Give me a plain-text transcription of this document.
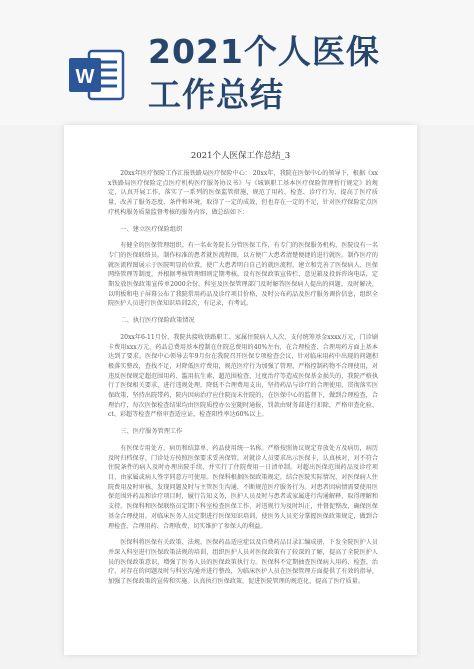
W
2021个人医保
工作总结
2021个人医保工作总结_3

20xx年医疗保险工作汇报铁路局医疗保险中心： 20xx年，我院在医保中心的领导下，根据《xxx铁路局医疗保险定点医疗机构医疗服务协议书》与《城镇职工基本医疗保险管理暂行规定》的规定，认真开展工作，落实了一系列的医保监管措施，规范了用药、检查、诊疗行为，提高了医疗质量，改善了服务态度、条件和环境，取得了一定的成效，但也存在一定的不足，针对医疗保险定点医疗机构服务质量监督考核的服务内容，做总结如下：

一、建立医疗保险组织

有健全的医保管理组织。有一名业务院长分管医保工作，有专门的医保服务机构，医院设有一名专门的医保联络员。制作标准的患者就医流程图，以方便广大患者清楚便捷的进行就医。制作医疗的就医流程图展示于医院明显的位置，使广大患者明白自己的就医流程，建立和完善了医保病人、医保网络管理等制度，并根据考核管理细则定期考核。设有医保政策宣传栏、意见箱及投诉咨询电话，定期发放医保政策宣传单2000余份。科室及医保管理部门及时解答医保病人提出的问题。及时解决，以明板和电子屏幕公布了我院常用药品及诊疗项目价格，及时公布药品及医疗服务调价信息，组织全院医护人员进行医保知识培训2次，有记录，有考试。

二、执行医疗保险政策情况

20xx年6-11月份，我院共接收铁路职工、家属住院病人人次，支付统筹基金xxxx万元，门诊刷卡费用xxx万元，药品总费用基本控制在住院总费用的40%左右，在合理检查、合理用药方面上基本达到了要求。医保中心领导去年9月份在我院召开医保专项检查会议，针对临床用药中出现的问题积极落实整改，查找不足，对降低医疗费用，规范医疗行为加强了管理，严格控制药物不合理使用，对违反医保规定超范围用药、滥用抗生素、超范围检查、过度治疗等造成医保基金损失的，我院严格执行了医保相关要求，进行违规处理，降低不合理费用支出，坚持药品与诊疗的合理使用，贯彻落实医保政策，坚持出院带药，院内因病治疗应住院而未住院的，在医保中心的监督下，做到合理检查，合理治疗，每次医保检查结果均由医院质控办公室随时通报，罚款由财务部进行扣除，严格审查化验、ct、彩超等检查严格审查适应证，检查阳性率达60%以上。

三、医疗服务管理工作

有医保专用处方，病历和结算单，药品使用统一名称。严格按照协议规定存放处方及病历，病历及时归档保存，门诊处方按照医保要求妥善保管。对就诊人员要求出示医保卡，认真核对，对不符合住院条件的病人及时办理出院手续，并实行了住院费用一日清单制。对超出医保范围药品及诊疗项目，由家属或病人签字同意方可使用。医保科根据医保政策规定，结合医院实际情况，对医保病人住院费用及时审核，发现问题及时与主管医生沟通，不断规范医疗服务行为。对患者因病情需要使用医保范围外药品和诊疗项目时，履行告知义务，医护人员及时与患者或家属进行沟通解释，取得理解和支持。医保科和医保联络员定期下科室检查医保工作，对违规行为及时纠正，并督促整改，确保医保基金合理使用。对临床医务人员定期进行医保知识培训，使医务人员充分掌握医保政策规定，做到合理检查、合理用药、合理收费，切实维护了参保人的利益。

医保科将医保有关政策、法规、医保药品适应症以及自费药品目录汇编成册，下发全院医护人员并深入科室进行医保政策法规的培训，组织医护人员对医保政策有了较深的了解，提高了全院医护人员的医保政策意识，增强了医务人员的医保政策执行力。医保科不定期抽查医保病人用药、检查、治疗，对存在的问题及时与科室沟通并进行整改，为临床医护人员在医保管理方面提供了有效的指导，加强了医保政策的宣传和实施。认真执行医保政策，促进医院管理的规范化，提高了医疗质量。
